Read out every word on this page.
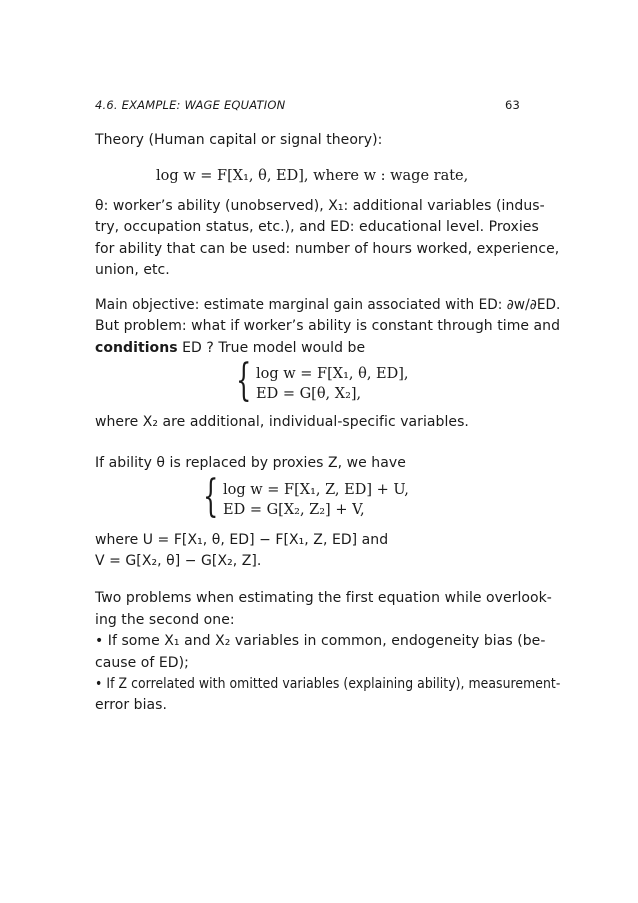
4.6. EXAMPLE: WAGE EQUATION	63
Theory (Human capital or signal theory):
log w = F[X₁, θ, ED], where w : wage rate,
θ: worker’s ability (unobserved), X₁: additional variables (indus-
try, occupation status, etc.), and ED: educational level. Proxies
for ability that can be used: number of hours worked, experience,
union, etc.
Main objective: estimate marginal gain associated with ED: ∂w/∂ED.
But problem: what if worker’s ability is constant through time and
conditions ED ? True model would be
{ log w = F[X₁, θ, ED],
ED = G[θ, X₂],
where X₂ are additional, individual-specific variables.
If ability θ is replaced by proxies Z, we have
{ log w = F[X₁, Z, ED] + U,
ED = G[X₂, Z₂] + V,
where U = F[X₁, θ, ED] − F[X₁, Z, ED] and
V = G[X₂, θ] − G[X₂, Z].
Two problems when estimating the first equation while overlook-
ing the second one:
• If some X₁ and X₂ variables in common, endogeneity bias (be-
cause of ED);
• If Z correlated with omitted variables (explaining ability), measurement-
error bias.
